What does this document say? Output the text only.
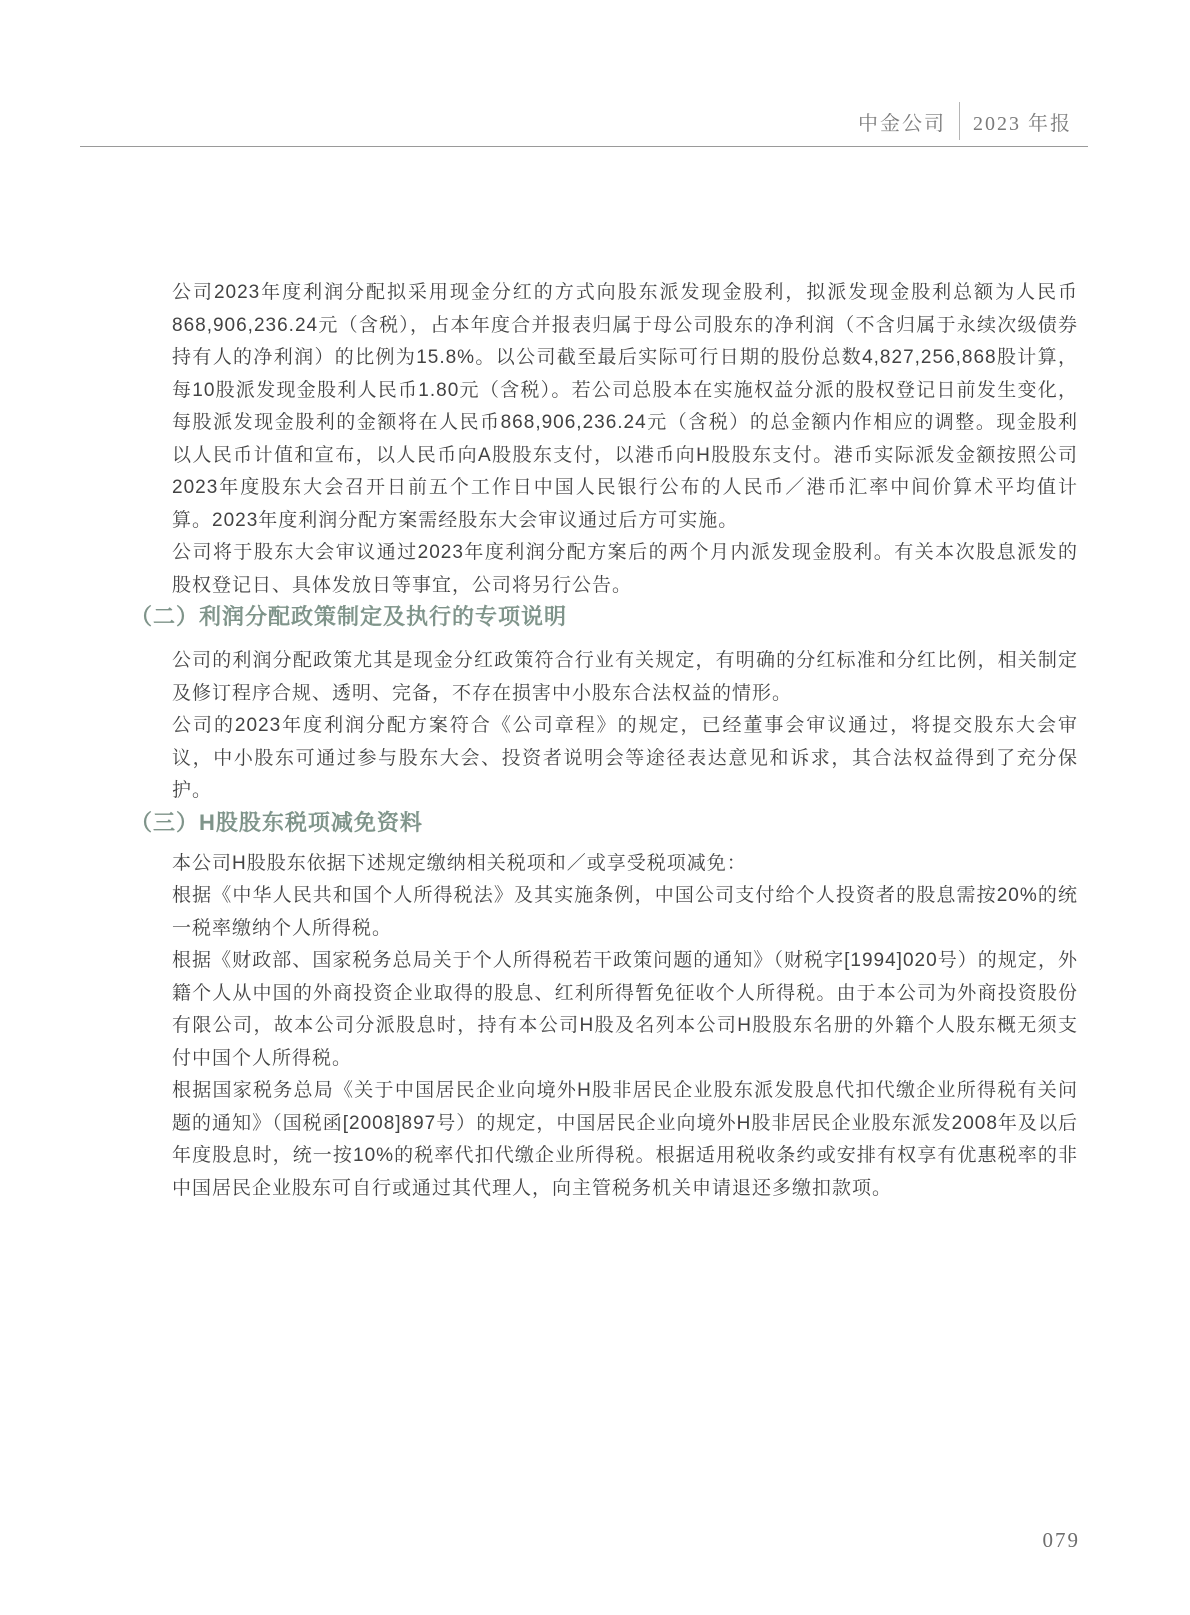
中金公司 2023 年报

公司2023年度利润分配拟采用现金分红的方式向股东派发现金股利，拟派发现金股利总额为人民币868,906,236.24元（含税），占本年度合并报表归属于母公司股东的净利润（不含归属于永续次级债券持有人的净利润）的比例为15.8%。以公司截至最后实际可行日期的股份总数4,827,256,868股计算，每10股派发现金股利人民币1.80元（含税）。若公司总股本在实施权益分派的股权登记日前发生变化，每股派发现金股利的金额将在人民币868,906,236.24元（含税）的总金额内作相应的调整。现金股利以人民币计值和宣布，以人民币向A股股东支付，以港币向H股股东支付。港币实际派发金额按照公司2023年度股东大会召开日前五个工作日中国人民银行公布的人民币／港币汇率中间价算术平均值计算。2023年度利润分配方案需经股东大会审议通过后方可实施。

公司将于股东大会审议通过2023年度利润分配方案后的两个月内派发现金股利。有关本次股息派发的股权登记日、具体发放日等事宜，公司将另行公告。

（二）利润分配政策制定及执行的专项说明

公司的利润分配政策尤其是现金分红政策符合行业有关规定，有明确的分红标准和分红比例，相关制定及修订程序合规、透明、完备，不存在损害中小股东合法权益的情形。

公司的2023年度利润分配方案符合《公司章程》的规定，已经董事会审议通过，将提交股东大会审议，中小股东可通过参与股东大会、投资者说明会等途径表达意见和诉求，其合法权益得到了充分保护。

（三）H股股东税项减免资料

本公司H股股东依据下述规定缴纳相关税项和／或享受税项减免：

根据《中华人民共和国个人所得税法》及其实施条例，中国公司支付给个人投资者的股息需按20%的统一税率缴纳个人所得税。

根据《财政部、国家税务总局关于个人所得税若干政策问题的通知》（财税字[1994]020号）的规定，外籍个人从中国的外商投资企业取得的股息、红利所得暂免征收个人所得税。由于本公司为外商投资股份有限公司，故本公司分派股息时，持有本公司H股及名列本公司H股股东名册的外籍个人股东概无须支付中国个人所得税。

根据国家税务总局《关于中国居民企业向境外H股非居民企业股东派发股息代扣代缴企业所得税有关问题的通知》（国税函[2008]897号）的规定，中国居民企业向境外H股非居民企业股东派发2008年及以后年度股息时，统一按10%的税率代扣代缴企业所得税。根据适用税收条约或安排有权享有优惠税率的非中国居民企业股东可自行或通过其代理人，向主管税务机关申请退还多缴扣款项。

079
